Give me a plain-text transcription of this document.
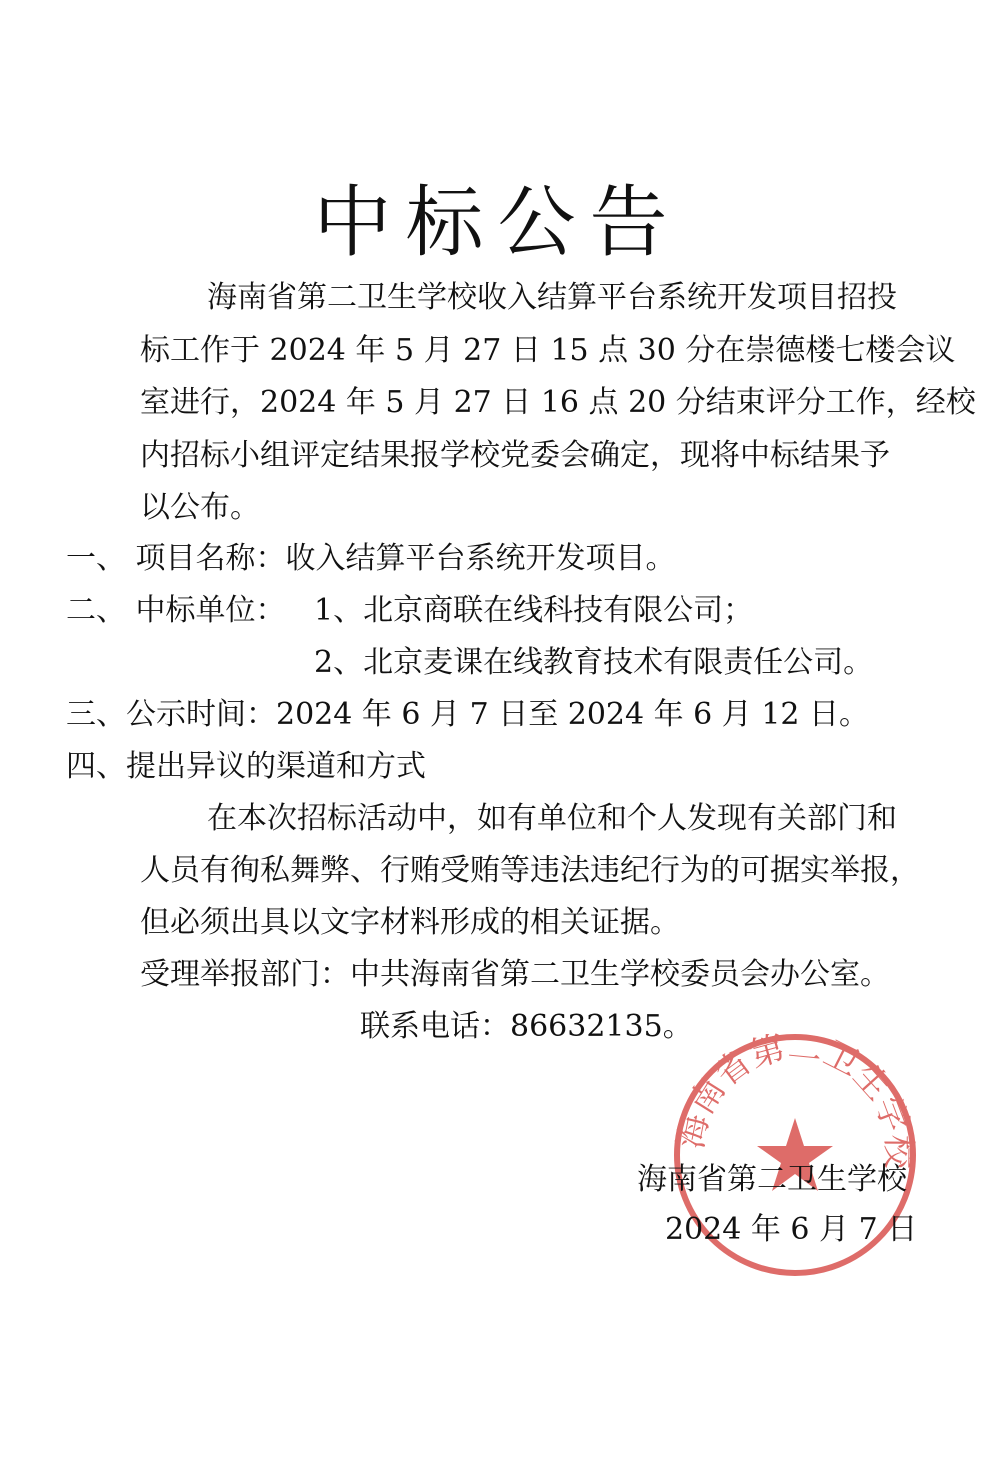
中标公告
海南省第二卫生学校收入结算平台系统开发项目招投
标工作于 2024 年 5 月 27 日 15 点 30 分在崇德楼七楼会议
室进行，2024 年 5 月 27 日 16 点 20 分结束评分工作，经校
内招标小组评定结果报学校党委会确定，现将中标结果予
以公布。
一、 项目名称：收入结算平台系统开发项目。
二、 中标单位： 1、北京商联在线科技有限公司；
2、北京麦课在线教育技术有限责任公司。
三、公示时间：2024 年 6 月 7 日至 2024 年 6 月 12 日。
四、提出异议的渠道和方式
在本次招标活动中，如有单位和个人发现有关部门和
人员有徇私舞弊、行贿受贿等违法违纪行为的可据实举报，
但必须出具以文字材料形成的相关证据。
受理举报部门：中共海南省第二卫生学校委员会办公室。
联系电话：86632135。
海南省第二卫生学校
海南省第二卫生学校
2024 年 6 月 7 日
